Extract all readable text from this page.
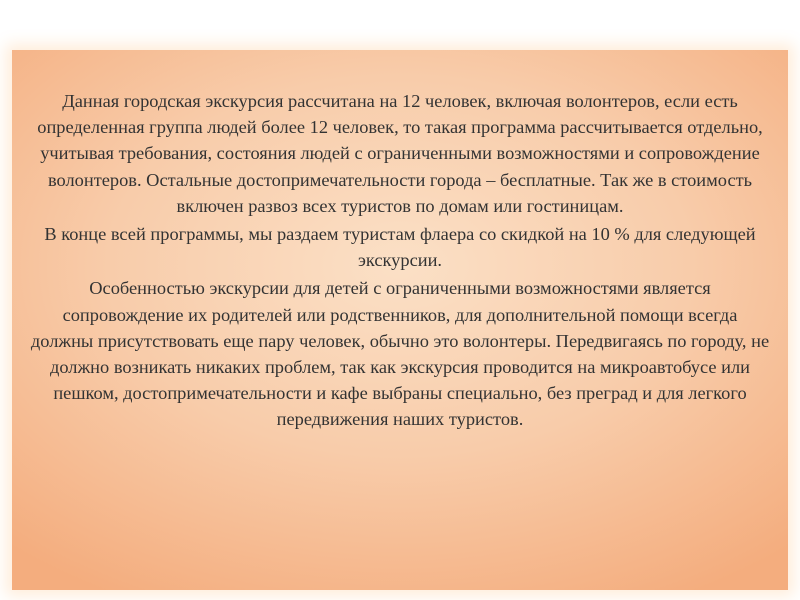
Данная городская экскурсия рассчитана на 12 человек, включая волонтеров, если есть определенная группа людей более 12 человек, то такая программа рассчитывается отдельно, учитывая требования, состояния людей с ограниченными возможностями и сопровождение волонтеров. Остальные достопримечательности города – бесплатные. Так же в стоимость включен развоз всех туристов по домам или гостиницам.

В конце всей программы, мы раздаем туристам флаера со скидкой на 10 % для следующей экскурсии.

Особенностью экскурсии для детей с ограниченными возможностями является сопровождение их родителей или родственников, для дополнительной помощи всегда должны присутствовать еще пару человек, обычно это волонтеры. Передвигаясь по городу, не должно возникать никаких проблем, так как экскурсия проводится на микроавтобусе или пешком, достопримечательности и кафе выбраны специально, без преград и для легкого передвижения наших туристов.
